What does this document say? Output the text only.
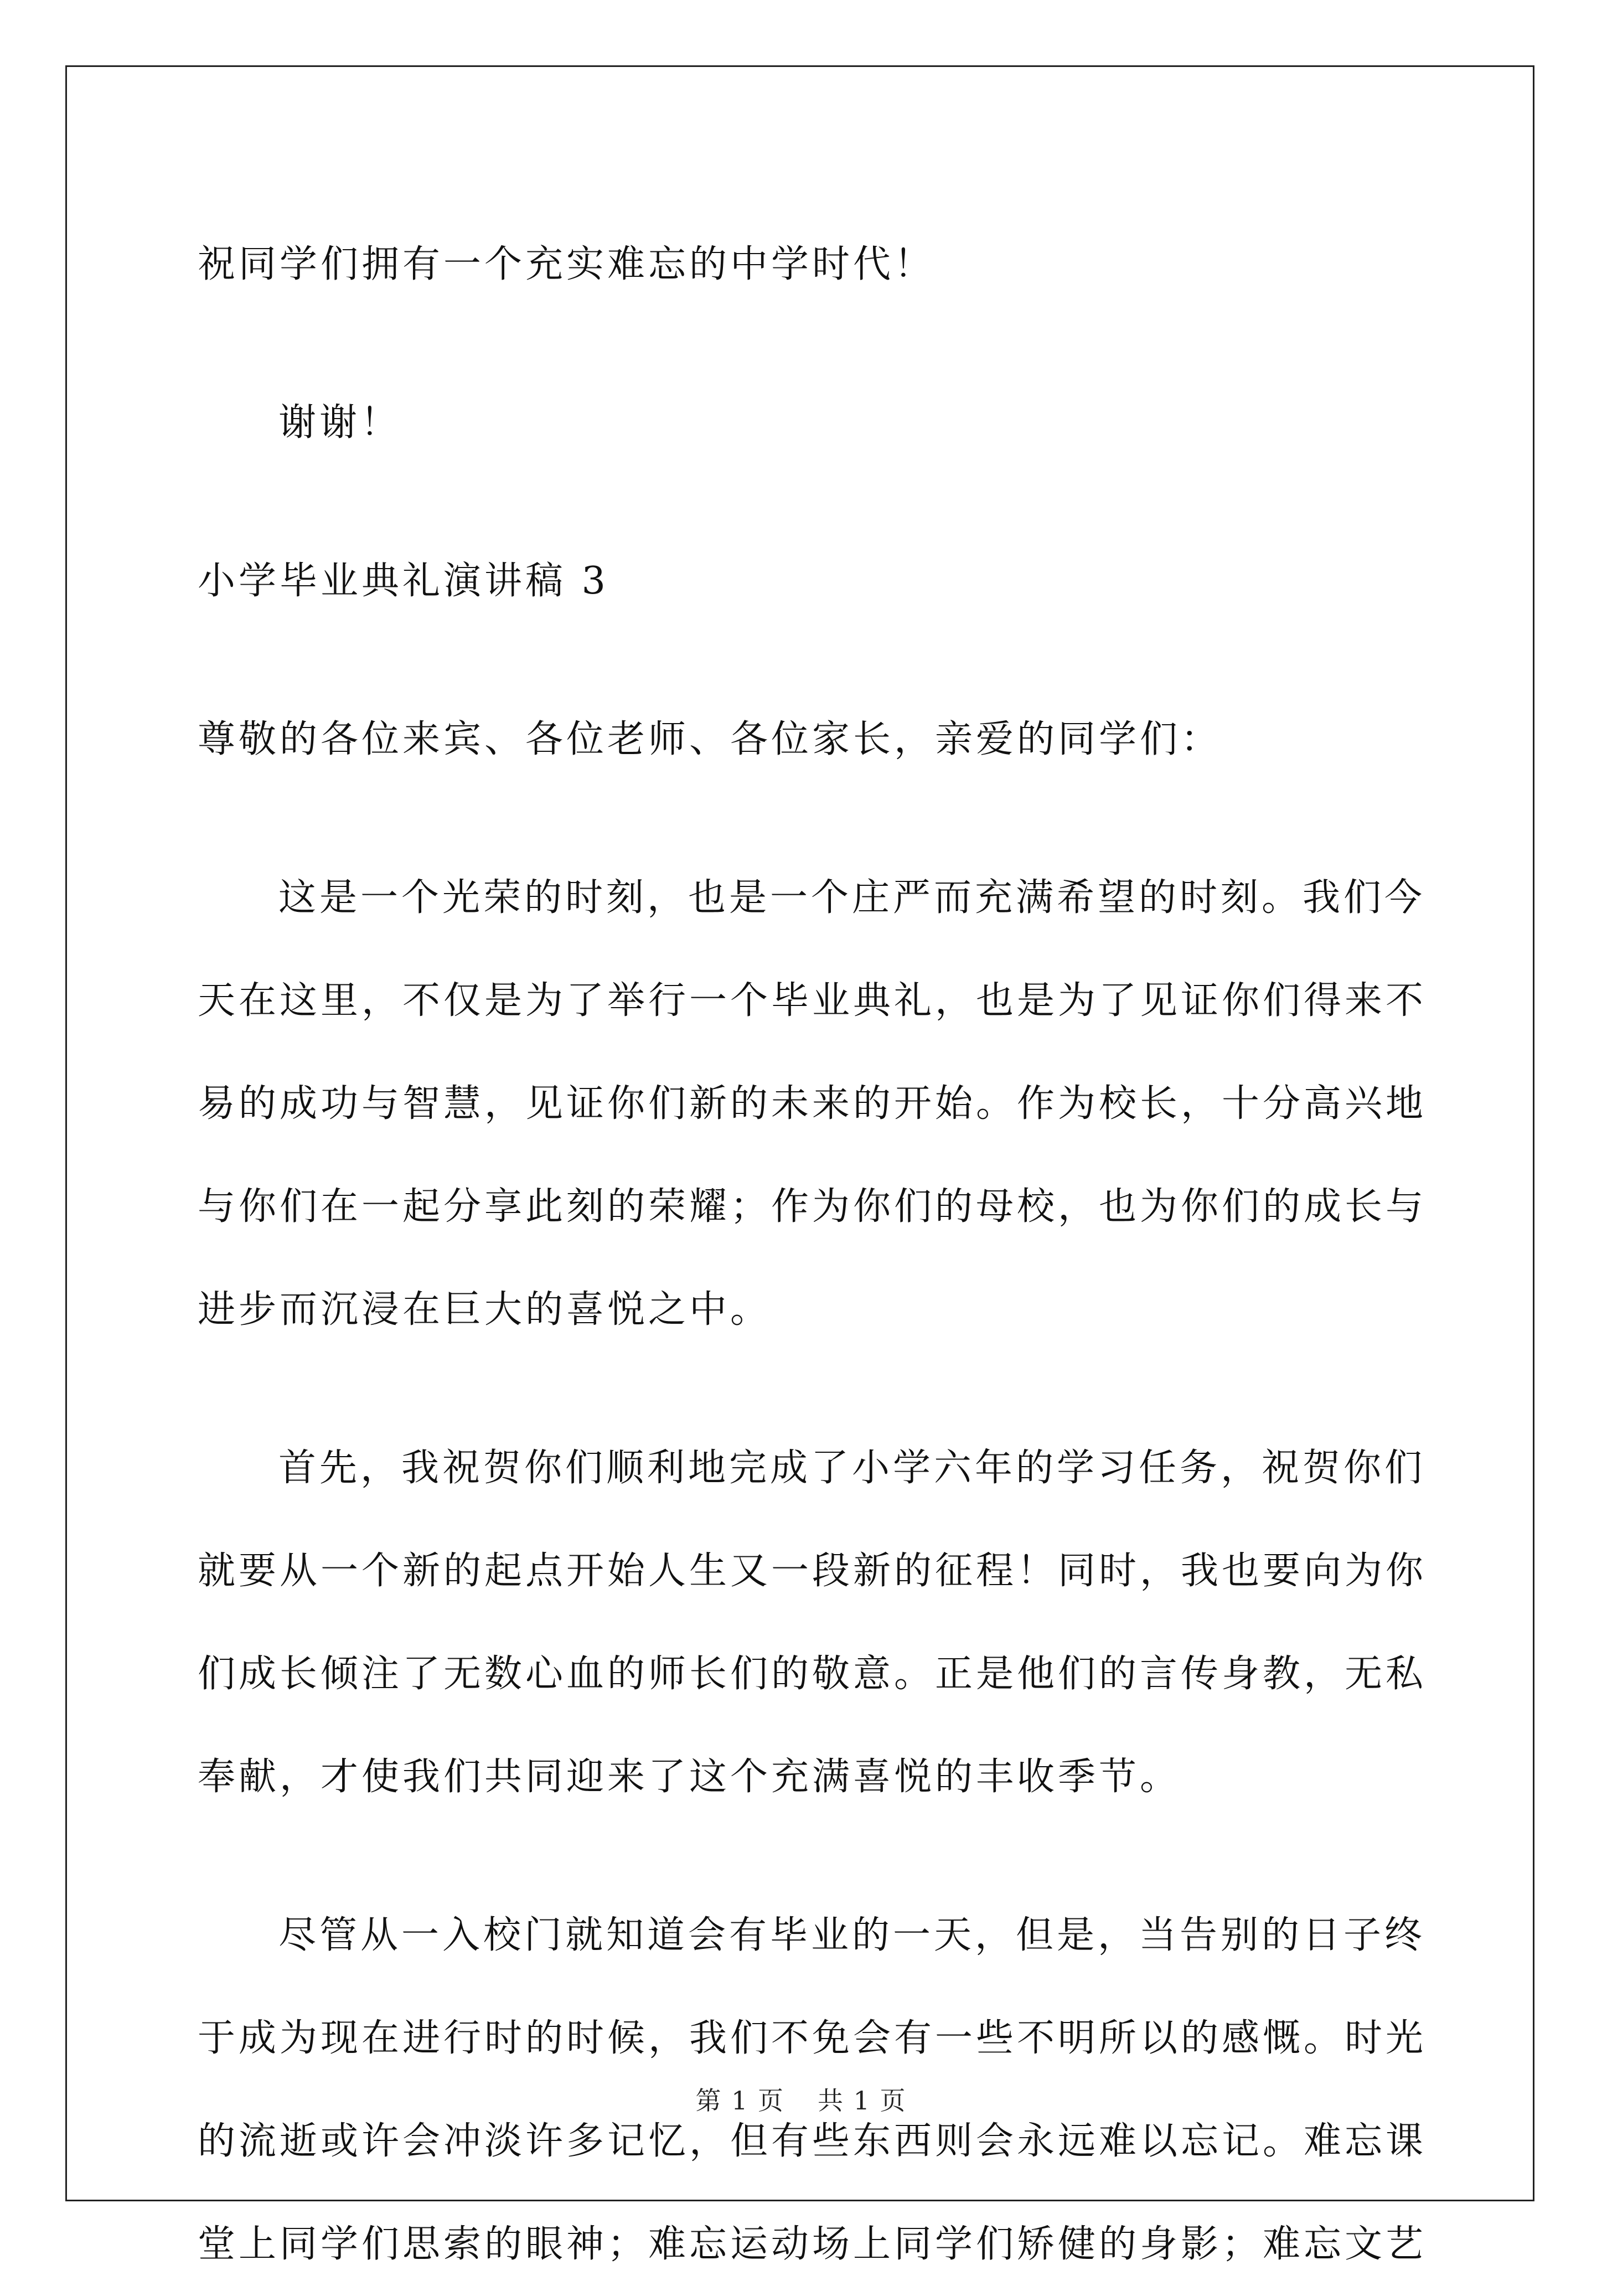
祝同学们拥有一个充实难忘的中学时代！
谢谢！
小学毕业典礼演讲稿 3
尊敬的各位来宾、各位老师、各位家长，亲爱的同学们：
这是一个光荣的时刻，也是一个庄严而充满希望的时刻。我们今
天在这里，不仅是为了举行一个毕业典礼，也是为了见证你们得来不
易的成功与智慧，见证你们新的未来的开始。作为校长，十分高兴地
与你们在一起分享此刻的荣耀；作为你们的母校，也为你们的成长与
进步而沉浸在巨大的喜悦之中。
首先，我祝贺你们顺利地完成了小学六年的学习任务，祝贺你们
就要从一个新的起点开始人生又一段新的征程！同时，我也要向为你
们成长倾注了无数心血的师长们的敬意。正是他们的言传身教，无私
奉献，才使我们共同迎来了这个充满喜悦的丰收季节。
尽管从一入校门就知道会有毕业的一天，但是，当告别的日子终
于成为现在进行时的时候，我们不免会有一些不明所以的感慨。时光
的流逝或许会冲淡许多记忆，但有些东西则会永远难以忘记。难忘课
堂上同学们思索的眼神；难忘运动场上同学们矫健的身影；难忘文艺
第 1 页 共 1 页
